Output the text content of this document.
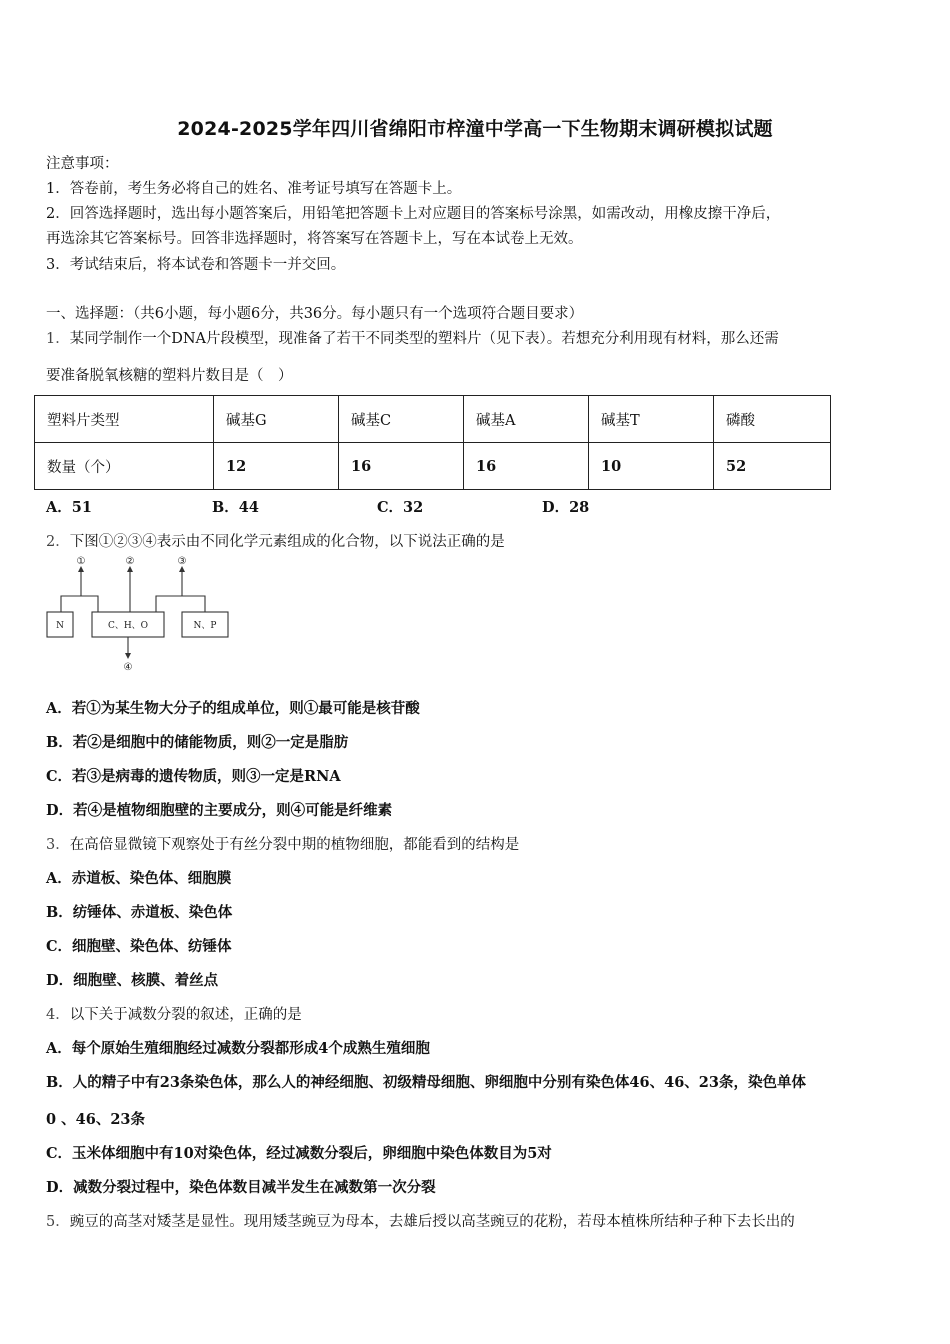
2024-2025学年四川省绵阳市梓潼中学高一下生物期末调研模拟试题
注意事项：
1．答卷前，考生务必将自己的姓名、准考证号填写在答题卡上。
2．回答选择题时，选出每小题答案后，用铅笔把答题卡上对应题目的答案标号涂黑，如需改动，用橡皮擦干净后，
再选涂其它答案标号。回答非选择题时，将答案写在答题卡上，写在本试卷上无效。
3．考试结束后，将本试卷和答题卡一并交回。
一、选择题：（共6小题，每小题6分，共36分。每小题只有一个选项符合题目要求）
1．某同学制作一个DNA片段模型，现准备了若干不同类型的塑料片（见下表）。若想充分利用现有材料，那么还需
要准备脱氧核糖的塑料片数目是（　）
塑料片类型	碱基G	碱基C	碱基A	碱基T	磷酸
数量（个）	12	16	16	10	52
A．51	B．44	C．32	D．28
2．下图①②③④表示由不同化学元素组成的化合物，以下说法正确的是
①	②	③
④
N	C、H、O	N、P
A．若①为某生物大分子的组成单位，则①最可能是核苷酸
B．若②是细胞中的储能物质，则②一定是脂肪
C．若③是病毒的遗传物质，则③一定是RNA
D．若④是植物细胞壁的主要成分，则④可能是纤维素
3．在高倍显微镜下观察处于有丝分裂中期的植物细胞，都能看到的结构是
A．赤道板、染色体、细胞膜
B．纺锤体、赤道板、染色体
C．细胞壁、染色体、纺锤体
D．细胞壁、核膜、着丝点
4．以下关于减数分裂的叙述，正确的是
A．每个原始生殖细胞经过减数分裂都形成4个成熟生殖细胞
B．人的精子中有23条染色体，那么人的神经细胞、初级精母细胞、卵细胞中分别有染色体46、46、23条，染色单体
0 、46、23条
C．玉米体细胞中有10对染色体，经过减数分裂后，卵细胞中染色体数目为5对
D．减数分裂过程中，染色体数目减半发生在减数第一次分裂
5．豌豆的高茎对矮茎是显性。现用矮茎豌豆为母本，去雄后授以高茎豌豆的花粉，若母本植株所结种子种下去长出的
